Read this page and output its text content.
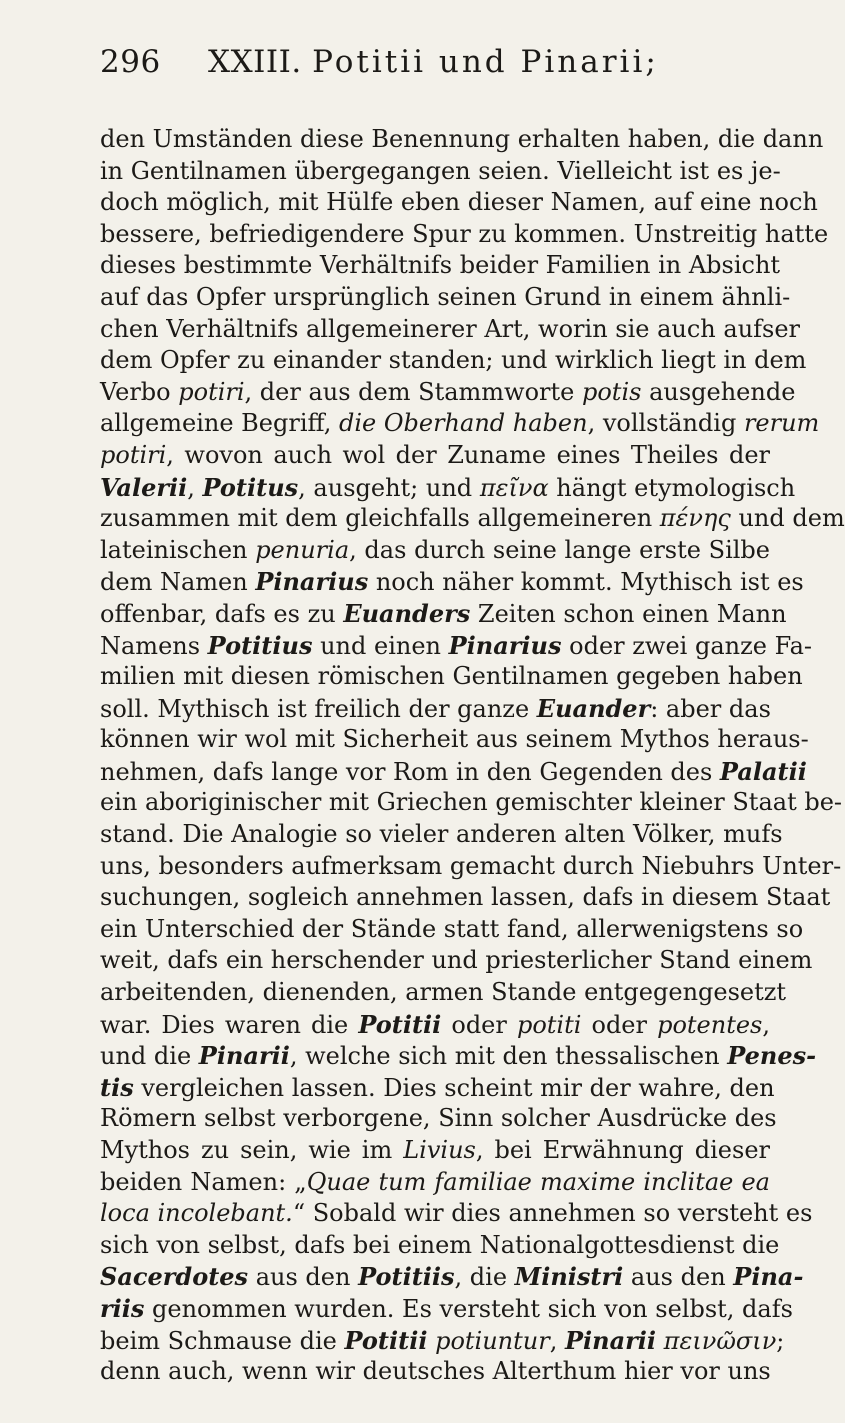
296 XXIII. Potitii und Pinarii;
den Umständen diese Benennung erhalten haben, die dann
in Gentilnamen übergegangen seien. Vielleicht ist es je-
doch möglich, mit Hülfe eben dieser Namen, auf eine noch
bessere, befriedigendere Spur zu kommen. Unstreitig hatte
dieses bestimmte Verhältnifs beider Familien in Absicht
auf das Opfer ursprünglich seinen Grund in einem ähnli-
chen Verhältnifs allgemeinerer Art, worin sie auch aufser
dem Opfer zu einander standen; und wirklich liegt in dem
Verbo potiri, der aus dem Stammworte potis ausgehende
allgemeine Begriff, die Oberhand haben, vollständig rerum
potiri, wovon auch wol der Zuname eines Theiles der
Valerii, Potitus, ausgeht; und πεῖνα hängt etymologisch
zusammen mit dem gleichfalls allgemeineren πένης und dem
lateinischen penuria, das durch seine lange erste Silbe
dem Namen Pinarius noch näher kommt. Mythisch ist es
offenbar, dafs es zu Euanders Zeiten schon einen Mann
Namens Potitius und einen Pinarius oder zwei ganze Fa-
milien mit diesen römischen Gentilnamen gegeben haben
soll. Mythisch ist freilich der ganze Euander: aber das
können wir wol mit Sicherheit aus seinem Mythos heraus-
nehmen, dafs lange vor Rom in den Gegenden des Palatii
ein aboriginischer mit Griechen gemischter kleiner Staat be-
stand. Die Analogie so vieler anderen alten Völker, mufs
uns, besonders aufmerksam gemacht durch Niebuhrs Unter-
suchungen, sogleich annehmen lassen, dafs in diesem Staat
ein Unterschied der Stände statt fand, allerwenigstens so
weit, dafs ein herschender und priesterlicher Stand einem
arbeitenden, dienenden, armen Stande entgegengesetzt
war. Dies waren die Potitii oder potiti oder potentes,
und die Pinarii, welche sich mit den thessalischen Penes-
tis vergleichen lassen. Dies scheint mir der wahre, den
Römern selbst verborgene, Sinn solcher Ausdrücke des
Mythos zu sein, wie im Livius, bei Erwähnung dieser
beiden Namen: „Quae tum familiae maxime inclitae ea
loca incolebant.“ Sobald wir dies annehmen so versteht es
sich von selbst, dafs bei einem Nationalgottesdienst die
Sacerdotes aus den Potitiis, die Ministri aus den Pina-
riis genommen wurden. Es versteht sich von selbst, dafs
beim Schmause die Potitii potiuntur, Pinarii πεινῶσιν;
denn auch, wenn wir deutsches Alterthum hier vor uns
